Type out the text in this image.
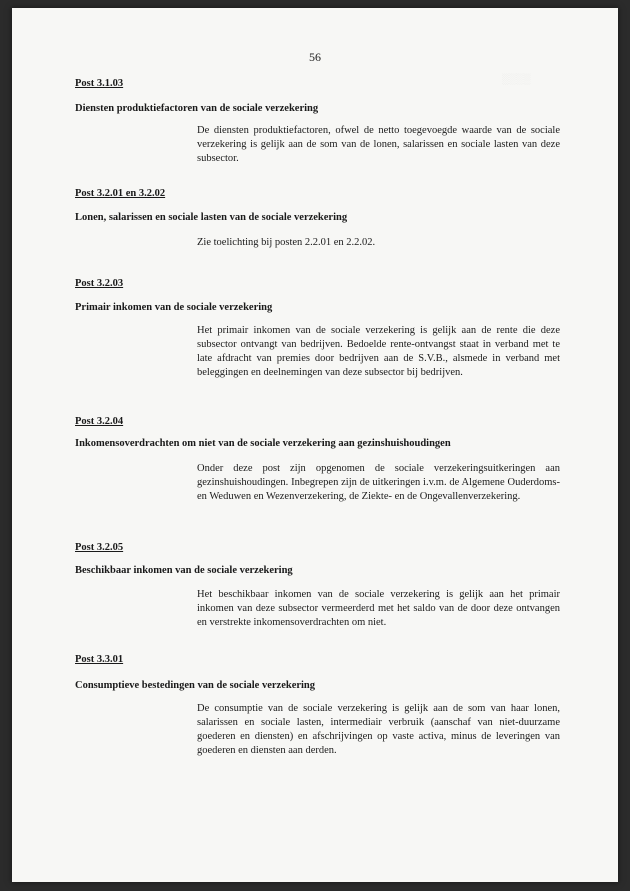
░░░░
56
Post 3.1.03
Diensten produktiefactoren van de sociale verzekering

De diensten produktiefactoren, ofwel de netto toegevoegde waarde van de sociale verzekering is gelijk aan de som van de lonen, salarissen en sociale lasten van deze subsector.

Post 3.2.01 en 3.2.02
Lonen, salarissen en sociale lasten van de sociale verzekering

Zie toelichting bij posten 2.2.01 en 2.2.02.

Post 3.2.03
Primair inkomen van de sociale verzekering

Het primair inkomen van de sociale verzekering is gelijk aan de rente die deze subsector ontvangt van bedrijven. Bedoelde rente-ontvangst staat in verband met te late afdracht van premies door bedrijven aan de S.V.B., alsmede in verband met beleggingen en deelnemingen van deze subsector bij bedrijven.

Post 3.2.04
Inkomensoverdrachten om niet van de sociale verzekering aan gezinshuishoudingen

Onder deze post zijn opgenomen de sociale verzekeringsuitkeringen aan gezinshuishoudingen. Inbegrepen zijn de uitkeringen i.v.m. de Algemene Ouderdoms- en Weduwen en Wezenverzekering, de Ziekte- en de Ongevallenverzekering.

Post 3.2.05
Beschikbaar inkomen van de sociale verzekering

Het beschikbaar inkomen van de sociale verzekering is gelijk aan het primair inkomen van deze subsector vermeerderd met het saldo van de door deze ontvangen en verstrekte inkomensoverdrachten om niet.

Post 3.3.01
Consumptieve bestedingen van de sociale verzekering

De consumptie van de sociale verzekering is gelijk aan de som van haar lonen, salarissen en sociale lasten, intermediair verbruik (aanschaf van niet-duurzame goederen en diensten) en afschrijvingen op vaste activa, minus de leveringen van goederen en diensten aan derden.
